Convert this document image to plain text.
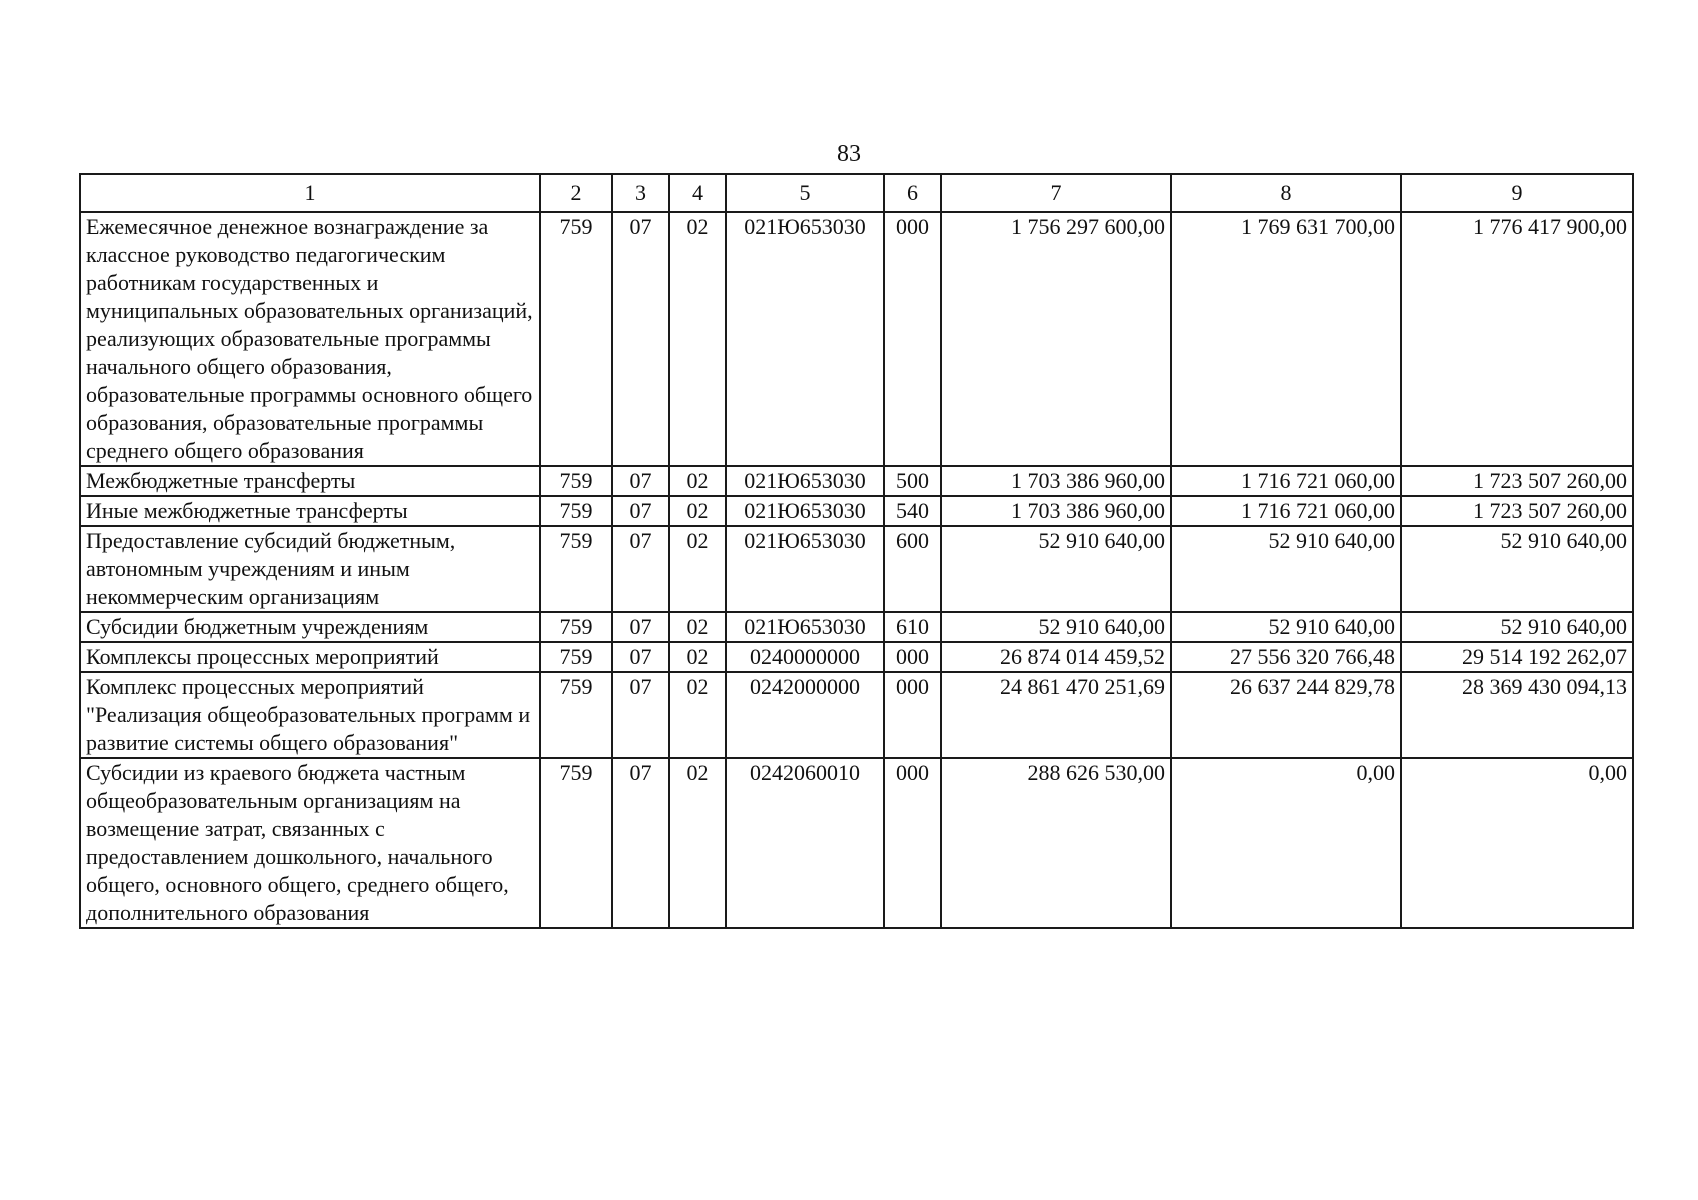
83
1	2	3	4	5	6	7	8	9
Ежемесячное денежное вознаграждение за классное руководство педагогическим работникам государственных и муниципальных образовательных организаций, реализующих образовательные программы начального общего образования, образовательные программы основного общего образования, образовательные программы среднего общего образования	759	07	02	021Ю653030	000	1 756 297 600,00	1 769 631 700,00	1 776 417 900,00
Межбюджетные трансферты	759	07	02	021Ю653030	500	1 703 386 960,00	1 716 721 060,00	1 723 507 260,00
Иные межбюджетные трансферты	759	07	02	021Ю653030	540	1 703 386 960,00	1 716 721 060,00	1 723 507 260,00
Предоставление субсидий бюджетным, автономным учреждениям и иным некоммерческим организациям	759	07	02	021Ю653030	600	52 910 640,00	52 910 640,00	52 910 640,00
Субсидии бюджетным учреждениям	759	07	02	021Ю653030	610	52 910 640,00	52 910 640,00	52 910 640,00
Комплексы процессных мероприятий	759	07	02	0240000000	000	26 874 014 459,52	27 556 320 766,48	29 514 192 262,07
Комплекс процессных мероприятий "Реализация общеобразовательных программ и развитие системы общего образования"	759	07	02	0242000000	000	24 861 470 251,69	26 637 244 829,78	28 369 430 094,13
Субсидии из краевого бюджета частным общеобразовательным организациям на возмещение затрат, связанных с предоставлением дошкольного, начального общего, основного общего, среднего общего, дополнительного образования	759	07	02	0242060010	000	288 626 530,00	0,00	0,00
